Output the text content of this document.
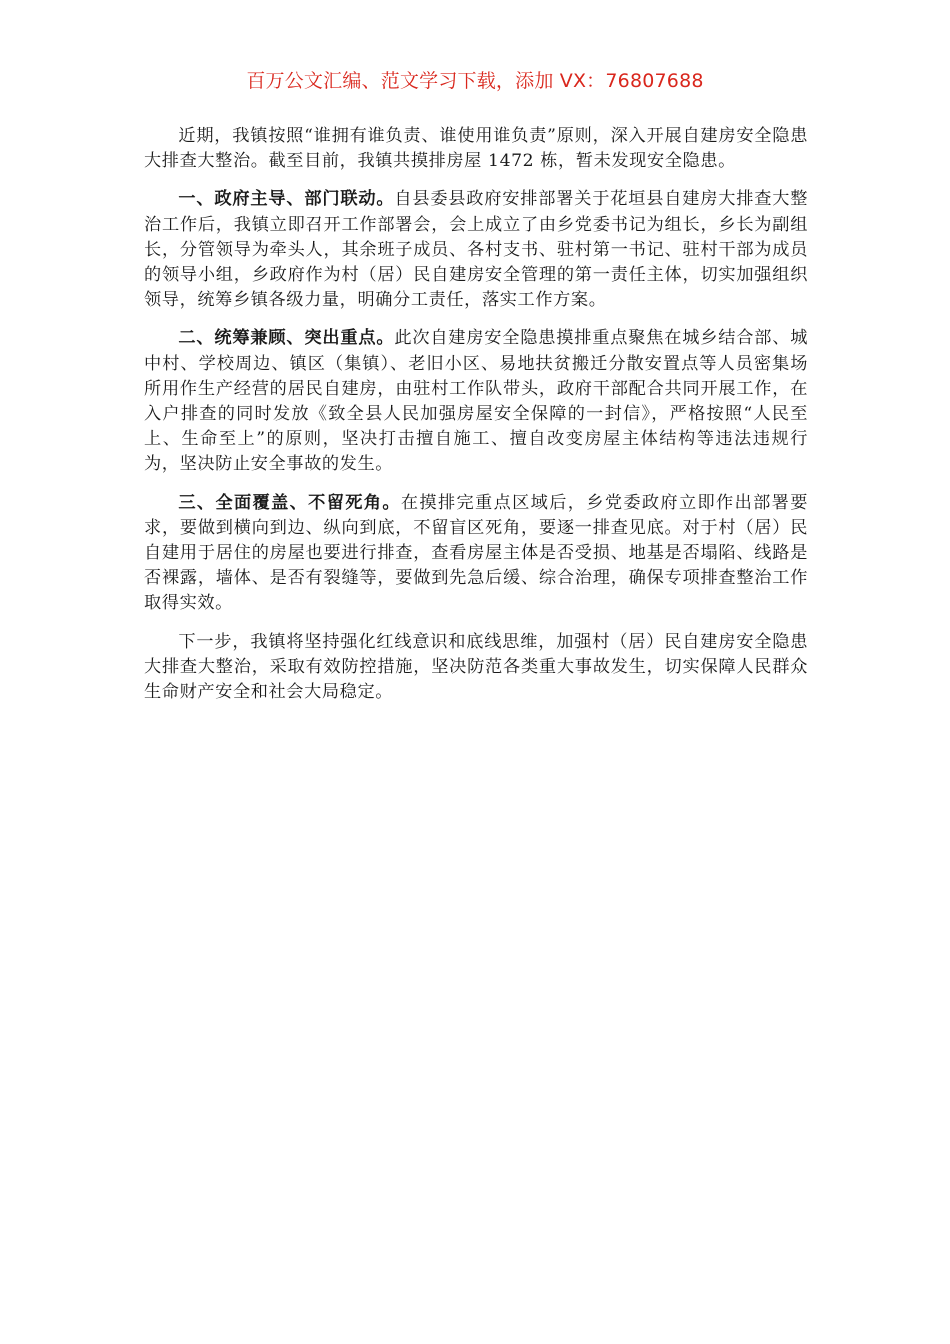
百万公文汇编、范文学习下载，添加 VX：76807688

近期，我镇按照“谁拥有谁负责、谁使用谁负责”原则，深入开展自建房安全隐患大排查大整治。截至目前，我镇共摸排房屋 1472 栋，暂未发现安全隐患。

一、政府主导、部门联动。自县委县政府安排部署关于花垣县自建房大排查大整治工作后，我镇立即召开工作部署会，会上成立了由乡党委书记为组长，乡长为副组长，分管领导为牵头人，其余班子成员、各村支书、驻村第一书记、驻村干部为成员的领导小组，乡政府作为村（居）民自建房安全管理的第一责任主体，切实加强组织领导，统筹乡镇各级力量，明确分工责任，落实工作方案。

二、统筹兼顾、突出重点。此次自建房安全隐患摸排重点聚焦在城乡结合部、城中村、学校周边、镇区（集镇）、老旧小区、易地扶贫搬迁分散安置点等人员密集场所用作生产经营的居民自建房，由驻村工作队带头，政府干部配合共同开展工作，在入户排查的同时发放《致全县人民加强房屋安全保障的一封信》，严格按照“人民至上、生命至上”的原则，坚决打击擅自施工、擅自改变房屋主体结构等违法违规行为，坚决防止安全事故的发生。

三、全面覆盖、不留死角。在摸排完重点区域后，乡党委政府立即作出部署要求，要做到横向到边、纵向到底，不留盲区死角，要逐一排查见底。对于村（居）民自建用于居住的房屋也要进行排查，查看房屋主体是否受损、地基是否塌陷、线路是否裸露，墙体、是否有裂缝等，要做到先急后缓、综合治理，确保专项排查整治工作取得实效。

下一步，我镇将坚持强化红线意识和底线思维，加强村（居）民自建房安全隐患大排查大整治，采取有效防控措施，坚决防范各类重大事故发生，切实保障人民群众生命财产安全和社会大局稳定。
